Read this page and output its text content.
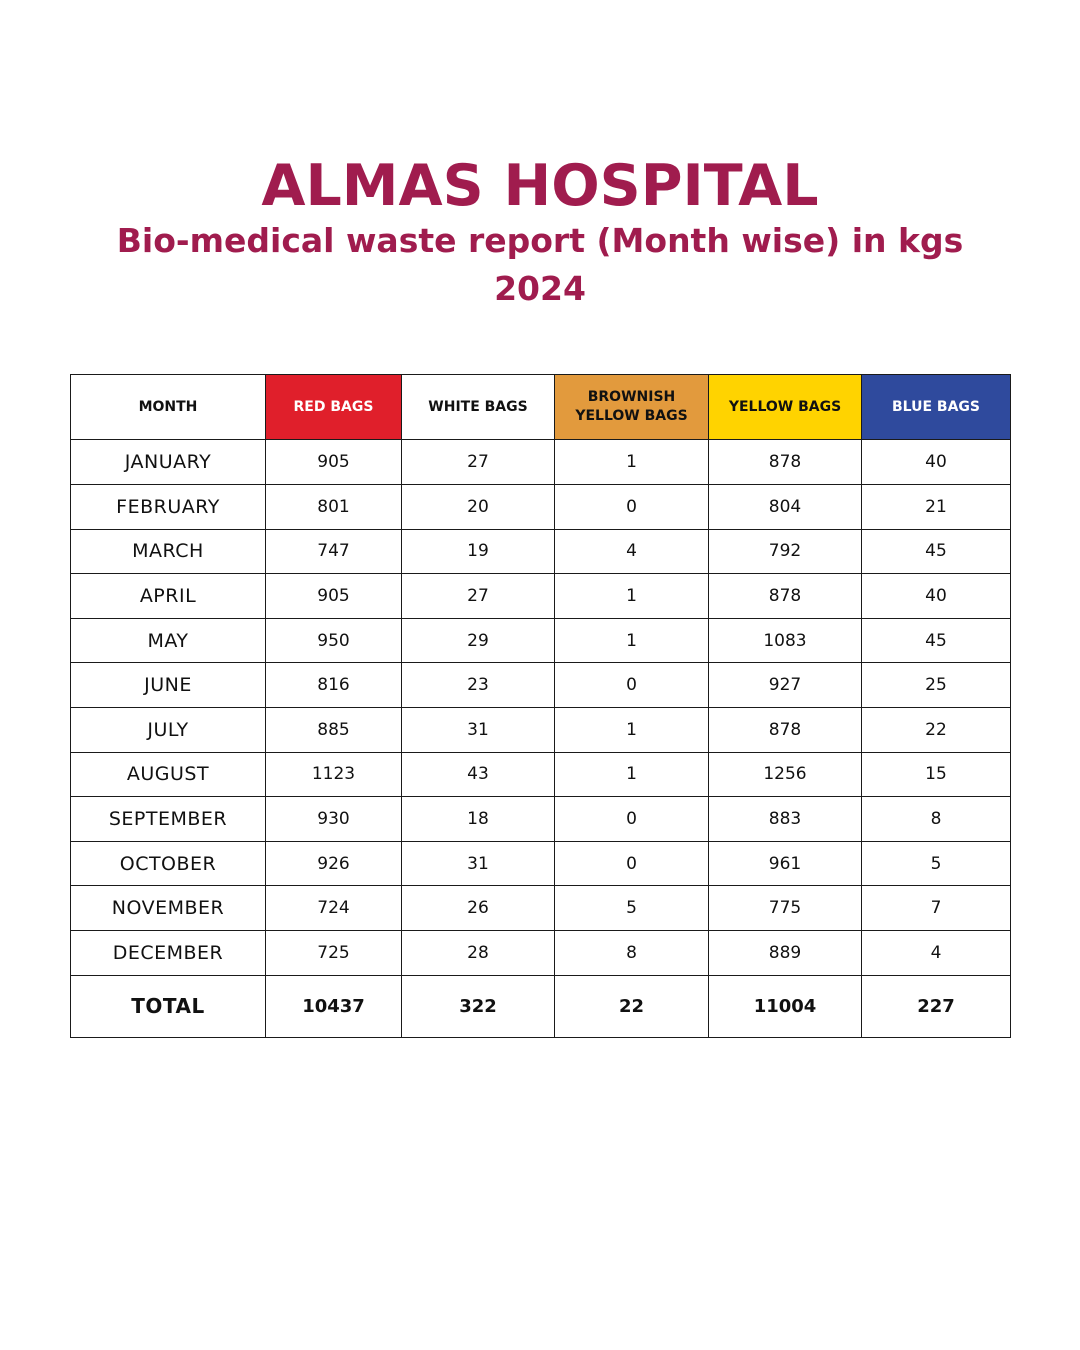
ALMAS HOSPITAL
Bio-medical waste report (Month wise) in kgs
2024
MONTH	RED BAGS	WHITE BAGS	BROWNISH YELLOW BAGS	YELLOW BAGS	BLUE BAGS
JANUARY	905	27	1	878	40
FEBRUARY	801	20	0	804	21
MARCH	747	19	4	792	45
APRIL	905	27	1	878	40
MAY	950	29	1	1083	45
JUNE	816	23	0	927	25
JULY	885	31	1	878	22
AUGUST	1123	43	1	1256	15
SEPTEMBER	930	18	0	883	8
OCTOBER	926	31	0	961	5
NOVEMBER	724	26	5	775	7
DECEMBER	725	28	8	889	4
TOTAL	10437	322	22	11004	227
